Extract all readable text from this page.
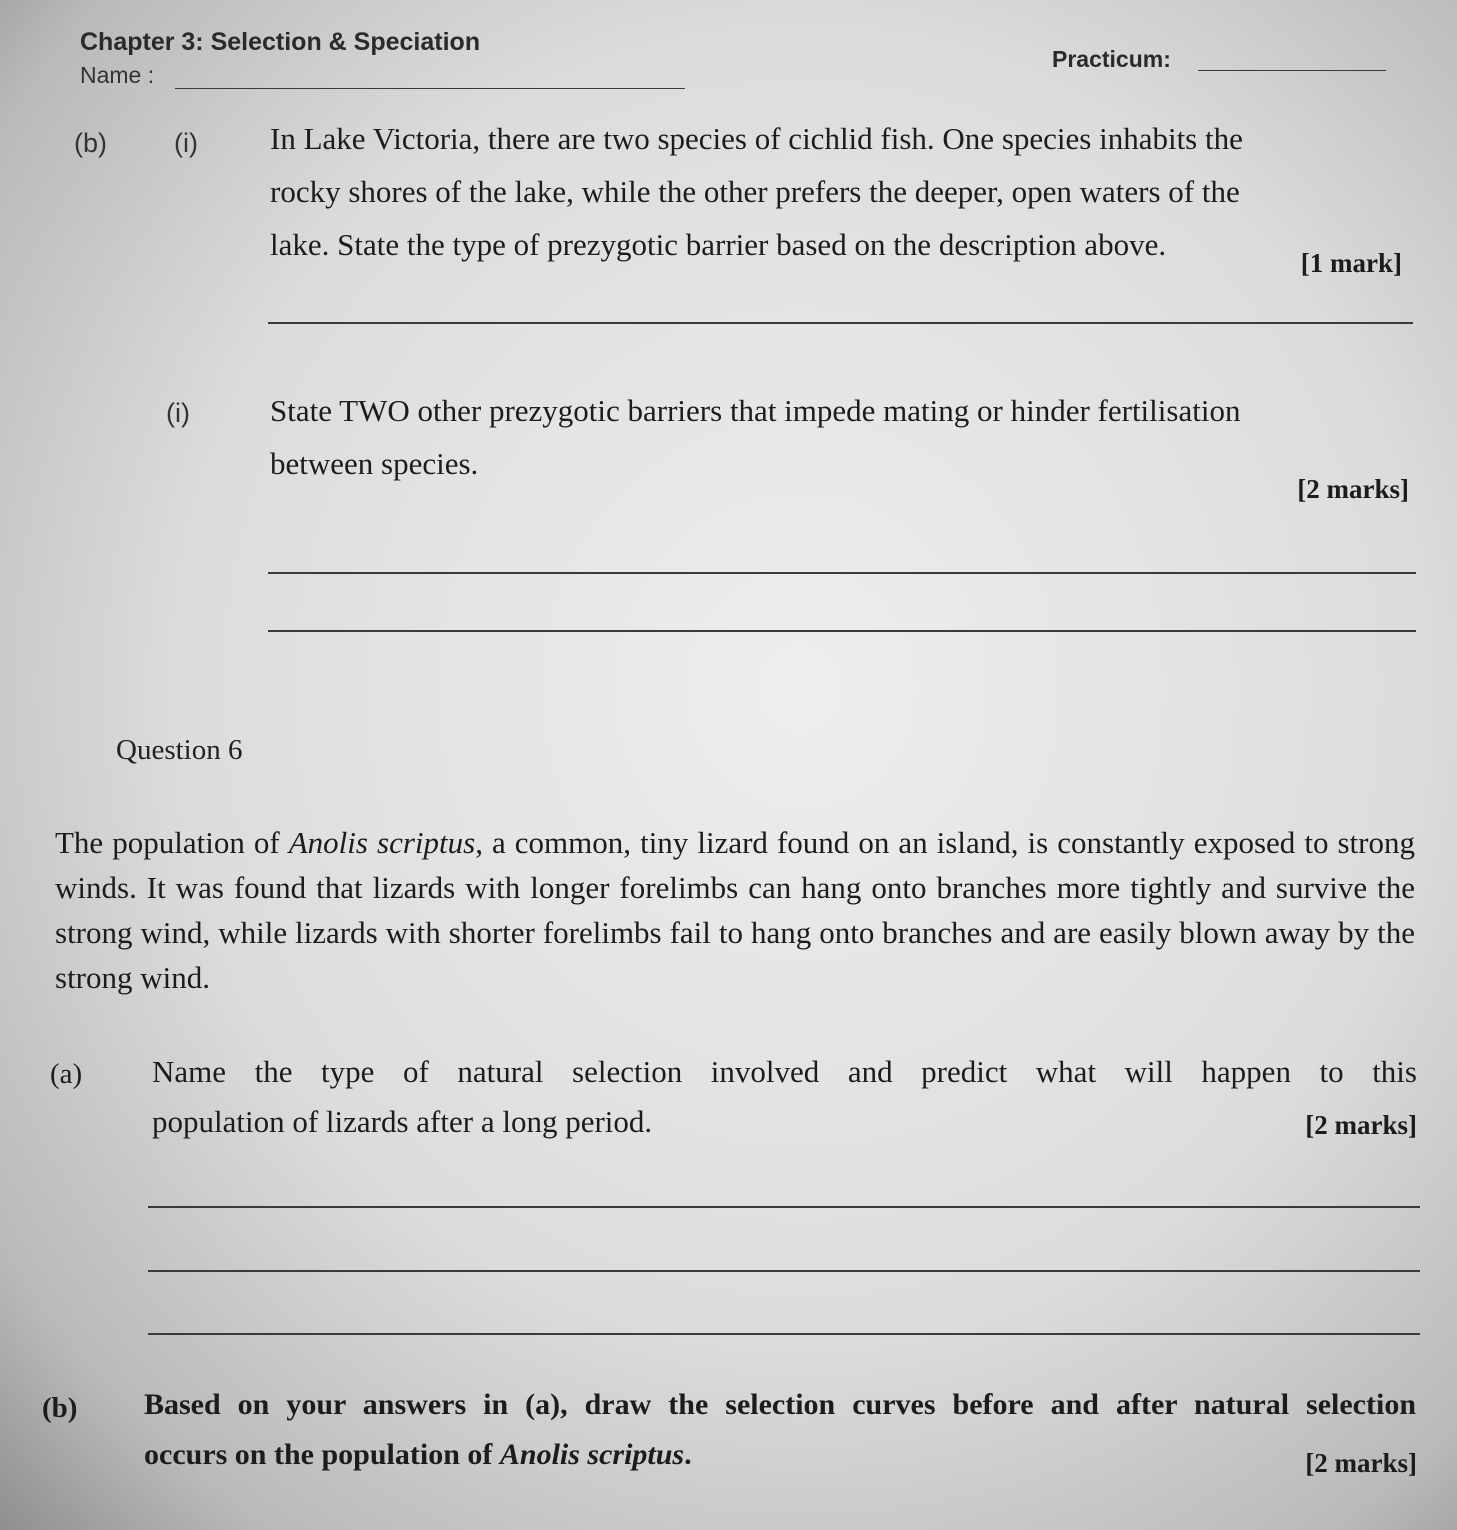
Chapter 3: Selection & Speciation
Name :
Practicum:
(b) (i) In Lake Victoria, there are two species of cichlid fish. One species inhabits the
rocky shores of the lake, while the other prefers the deeper, open waters of the
lake. State the type of prezygotic barrier based on the description above.
[1 mark]
(i)	State TWO other prezygotic barriers that impede mating or hinder fertilisation
between species.
[2 marks]
Question 6
The population of Anolis scriptus, a common, tiny lizard found on an island, is constantly exposed to strong winds. It was found that lizards with longer forelimbs can hang onto branches more tightly and survive the strong wind, while lizards with shorter forelimbs fail to hang onto branches and are easily blown away by the strong wind.
(a) Name the type of natural selection involved and predict what will happen to this
population of lizards after a long period.	[2 marks]
(b) Based on your answers in (a), draw the selection curves before and after natural selection
occurs on the population of Anolis scriptus.	[2 marks]
